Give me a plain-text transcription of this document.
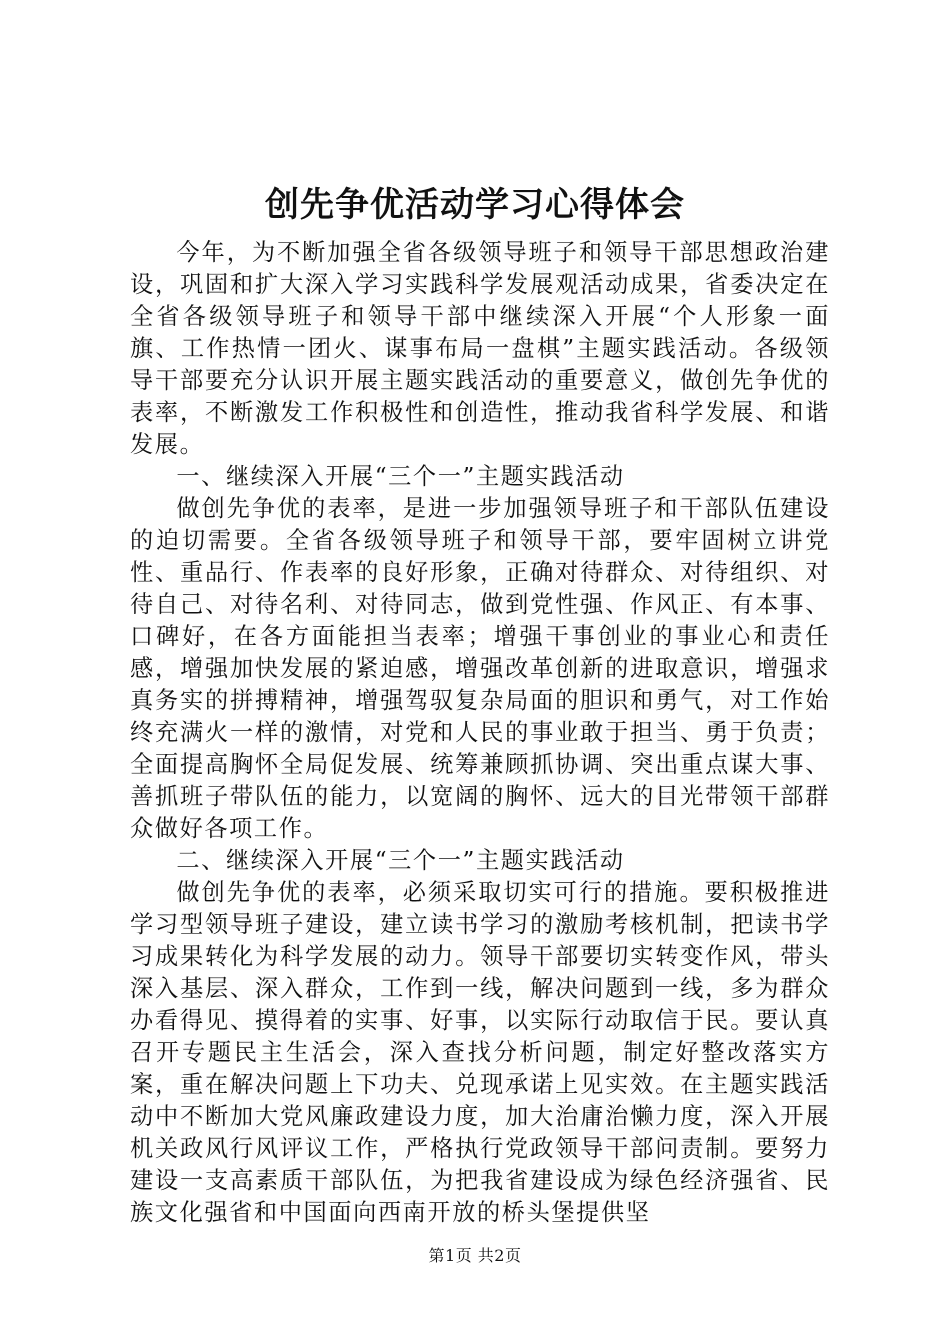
创先争优活动学习心得体会

今年，为不断加强全省各级领导班子和领导干部思想政治建设，巩固和扩大深入学习实践科学发展观活动成果，省委决定在全省各级领导班子和领导干部中继续深入开展“个人形象一面旗、工作热情一团火、谋事布局一盘棋”主题实践活动。各级领导干部要充分认识开展主题实践活动的重要意义，做创先争优的表率，不断激发工作积极性和创造性，推动我省科学发展、和谐发展。

一、继续深入开展“三个一”主题实践活动

做创先争优的表率，是进一步加强领导班子和干部队伍建设的迫切需要。全省各级领导班子和领导干部，要牢固树立讲党性、重品行、作表率的良好形象，正确对待群众、对待组织、对待自己、对待名利、对待同志，做到党性强、作风正、有本事、口碑好，在各方面能担当表率；增强干事创业的事业心和责任感，增强加快发展的紧迫感，增强改革创新的进取意识，增强求真务实的拼搏精神，增强驾驭复杂局面的胆识和勇气，对工作始终充满火一样的激情，对党和人民的事业敢于担当、勇于负责；全面提高胸怀全局促发展、统筹兼顾抓协调、突出重点谋大事、善抓班子带队伍的能力，以宽阔的胸怀、远大的目光带领干部群众做好各项工作。

二、继续深入开展“三个一”主题实践活动

做创先争优的表率，必须采取切实可行的措施。要积极推进学习型领导班子建设，建立读书学习的激励考核机制，把读书学习成果转化为科学发展的动力。领导干部要切实转变作风，带头深入基层、深入群众，工作到一线，解决问题到一线，多为群众办看得见、摸得着的实事、好事，以实际行动取信于民。要认真召开专题民主生活会，深入查找分析问题，制定好整改落实方案，重在解决问题上下功夫、兑现承诺上见实效。在主题实践活动中不断加大党风廉政建设力度，加大治庸治懒力度，深入开展机关政风行风评议工作，严格执行党政领导干部问责制。要努力建设一支高素质干部队伍，为把我省建设成为绿色经济强省、民族文化强省和中国面向西南开放的桥头堡提供坚

第1页 共2页
